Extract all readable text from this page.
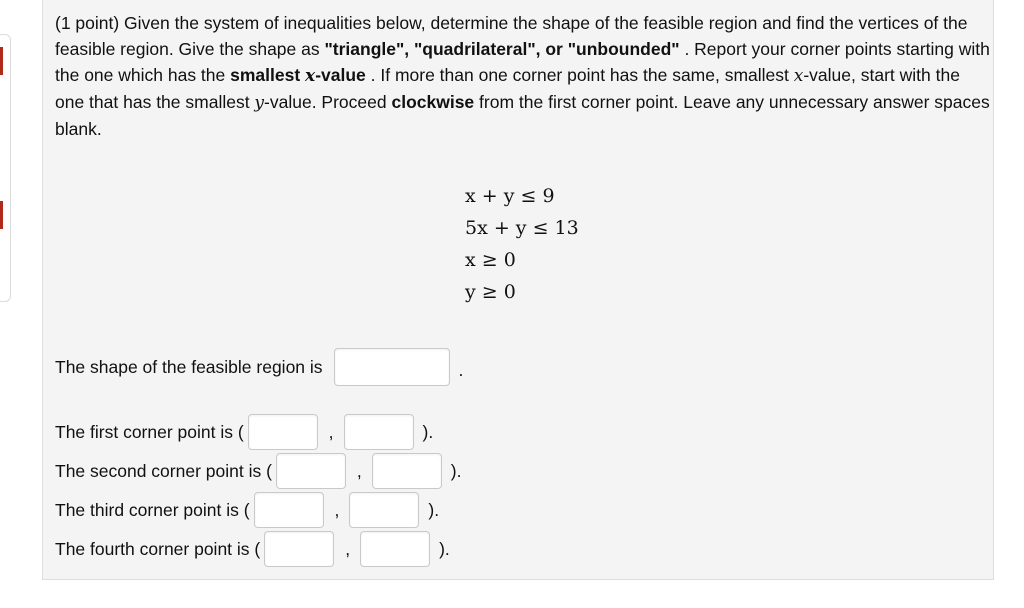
(1 point) Given the system of inequalities below, determine the shape of the feasible region and find the vertices of the feasible region. Give the shape as "triangle", "quadrilateral", or "unbounded" . Report your corner points starting with the one which has the smallest x-value . If more than one corner point has the same, smallest x-value, start with the one that has the smallest y-value. Proceed clockwise from the first corner point. Leave any unnecessary answer spaces blank.

x + y ≤ 9
5x + y ≤ 13
x ≥ 0
y ≥ 0
The shape of the feasible region is	.
The first corner point is (	,	).
The second corner point is (	,	).
The third corner point is (	,	).
The fourth corner point is (	,	).
